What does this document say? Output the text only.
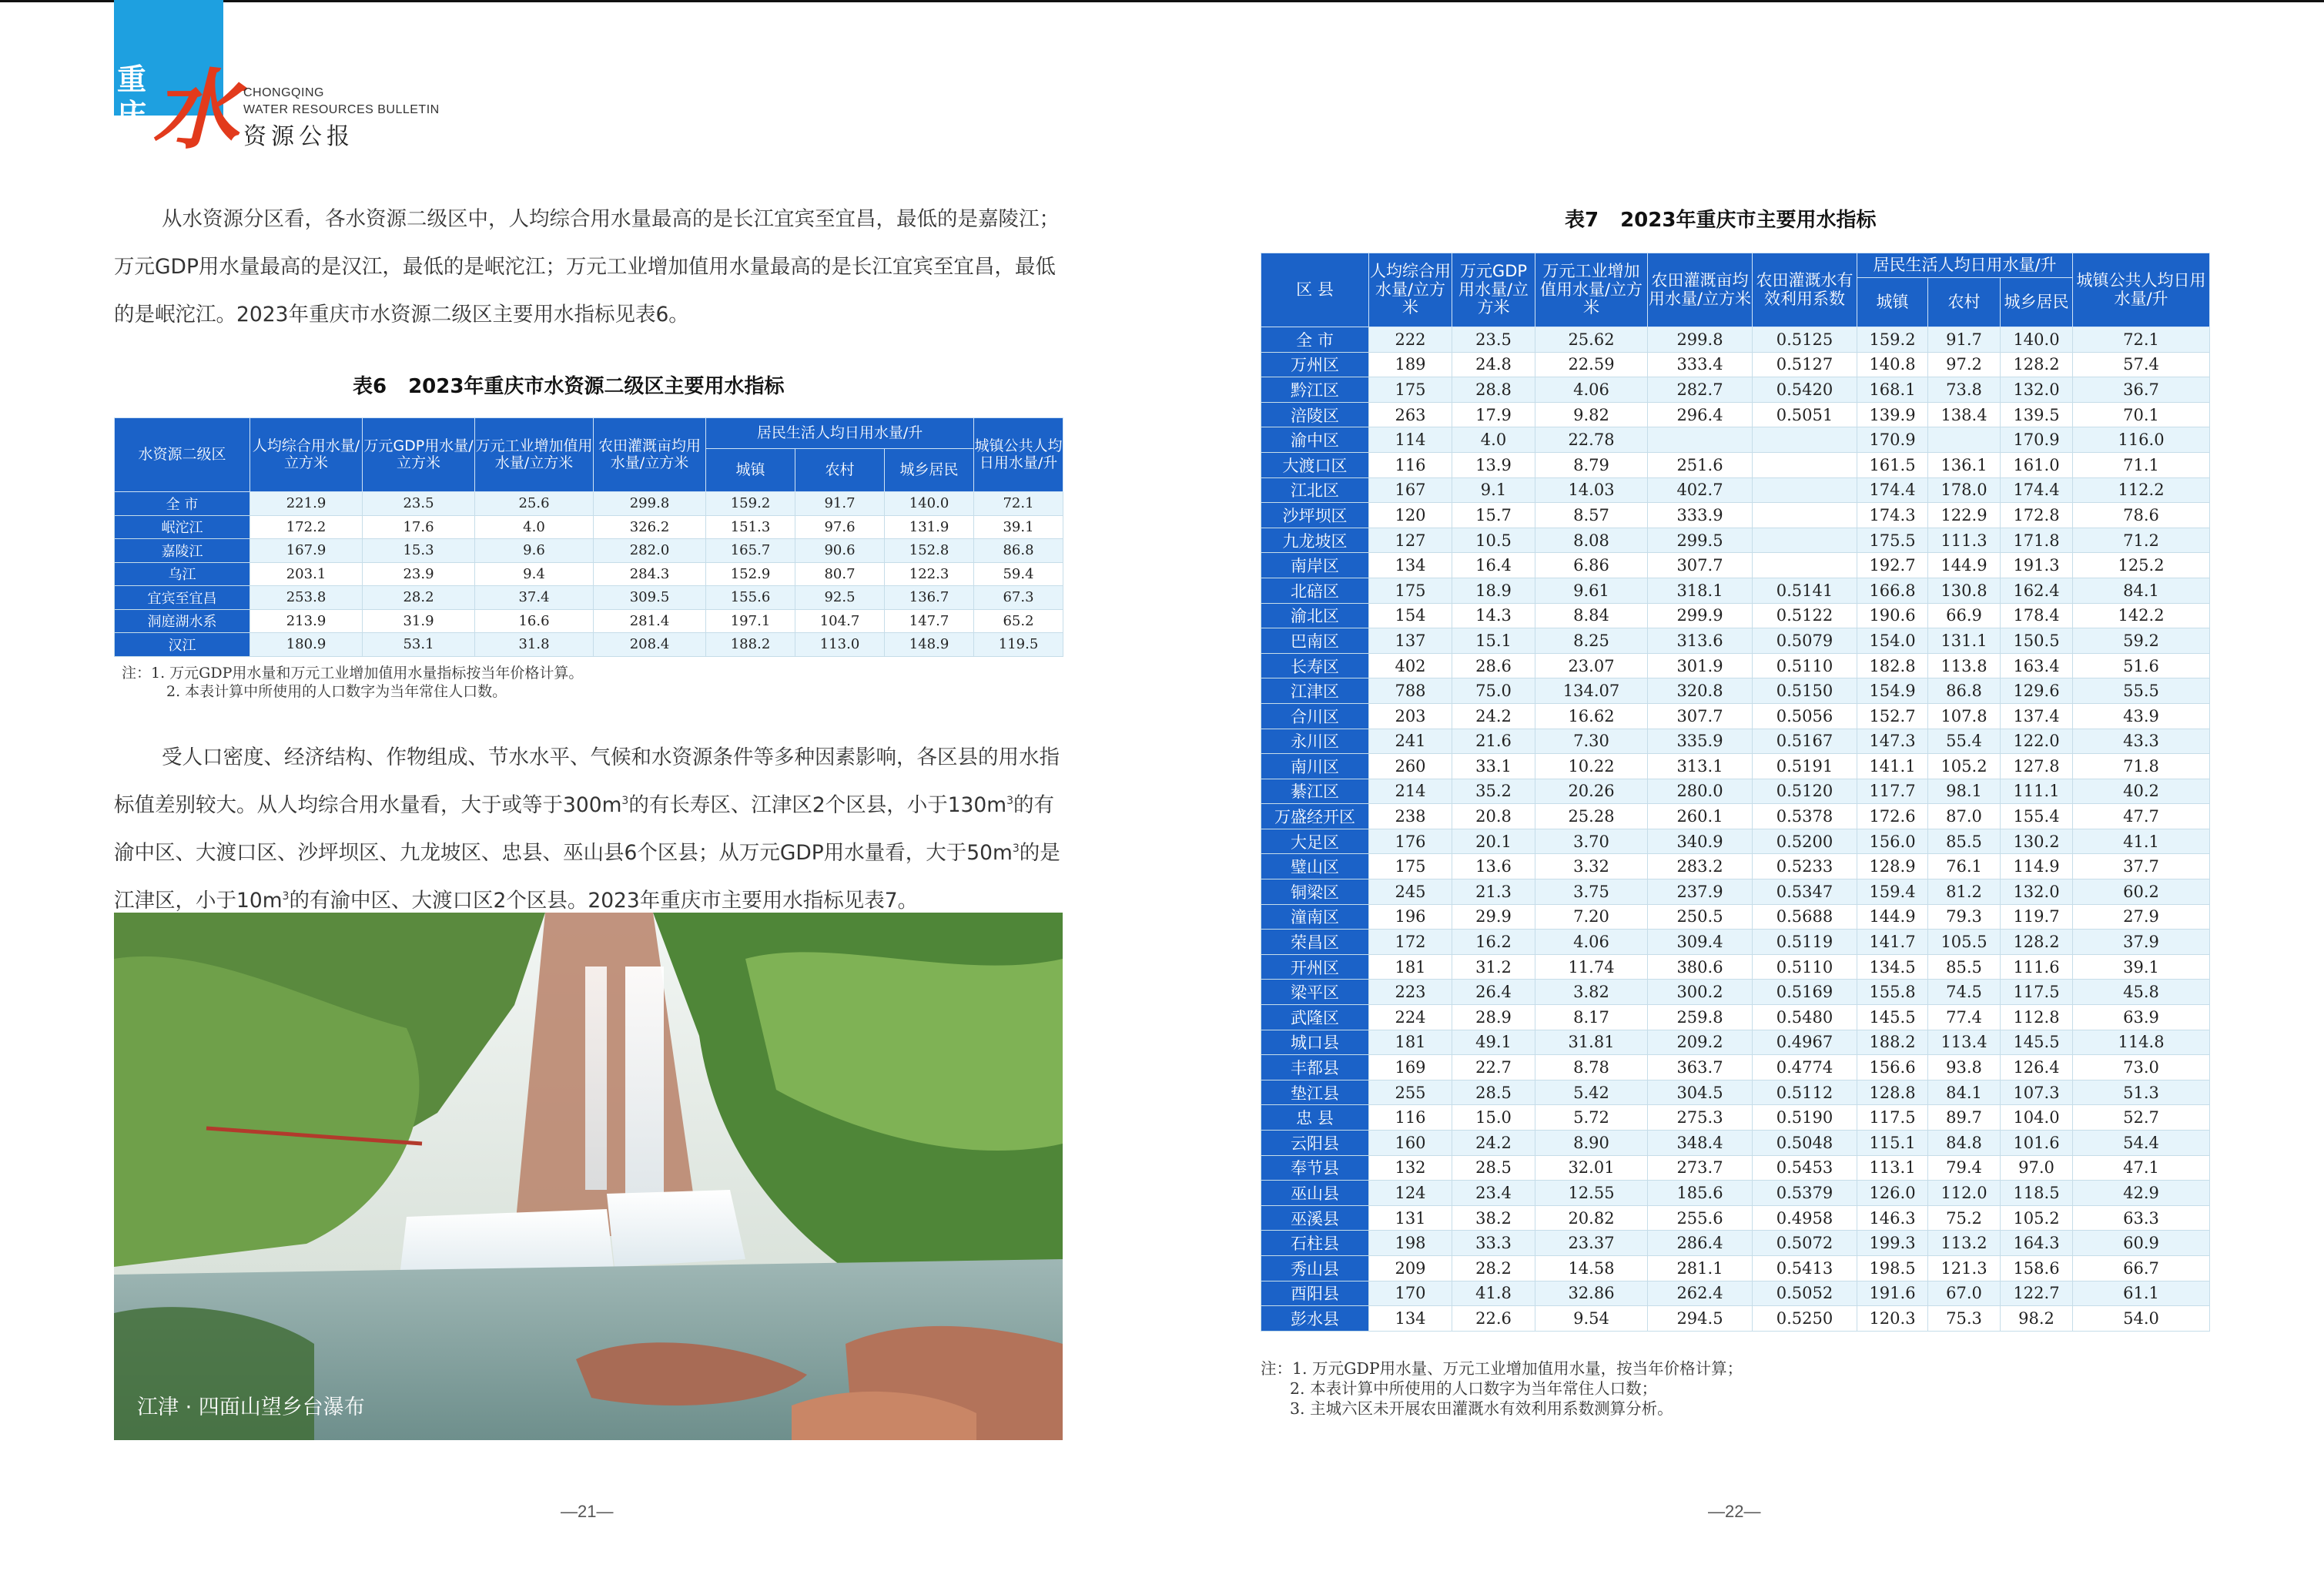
重庆市 水 CHONGQING
WATER RESOURCES BULLETIN
资源公报
从水资源分区看，各水资源二级区中，人均综合用水量最高的是长江宜宾至宜昌，最低的是嘉陵江；万元GDP用水量最高的是汉江，最低的是岷沱江；万元工业增加值用水量最高的是长江宜宾至宜昌，最低的是岷沱江。2023年重庆市水资源二级区主要用水指标见表6。
表6 2023年重庆市水资源二级区主要用水指标
水资源二级区	人均综合用水量/立方米	万元GDP用水量/立方米	万元工业增加值用水量/立方米	农田灌溉亩均用水量/立方米	居民生活人均日用水量/升			城镇公共人均日用水量/升
					城镇	农村	城乡居民	
全 市	221.9	23.5	25.6	299.8	159.2	91.7	140.0	72.1
岷沱江	172.2	17.6	4.0	326.2	151.3	97.6	131.9	39.1
嘉陵江	167.9	15.3	9.6	282.0	165.7	90.6	152.8	86.8
乌江	203.1	23.9	9.4	284.3	152.9	80.7	122.3	59.4
宜宾至宜昌	253.8	28.2	37.4	309.5	155.6	92.5	136.7	67.3
洞庭湖水系	213.9	31.9	16.6	281.4	197.1	104.7	147.7	65.2
汉江	180.9	53.1	31.8	208.4	188.2	113.0	148.9	119.5
注：1. 万元GDP用水量和万元工业增加值用水量指标按当年价格计算。
2. 本表计算中所使用的人口数字为当年常住人口数。
受人口密度、经济结构、作物组成、节水水平、气候和水资源条件等多种因素影响，各区县的用水指标值差别较大。从人均综合用水量看，大于或等于$300m^3$的有长寿区、江津区2个区县，小于$130m^3$的有渝中区、大渡口区、沙坪坝区、九龙坡区、忠县、巫山县6个区县；从万元GDP用水量看，大于$50m^3$的是江津区，小于$10m^3$的有渝中区、大渡口区2个区县。2023年重庆市主要用水指标见表7。
江津 · 四面山望乡台瀑布
—21—
表7 2023年重庆市主要用水指标
区 县	人均综合用水量/立方米	万元GDP用水量/立方米	万元工业增加值用水量/立方米	农田灌溉亩均用水量/立方米	农田灌溉水有效利用系数	居民生活人均日用水量/升			城镇公共人均日用水量/升
						城镇	农村	城乡居民	
全 市	222	23.5	25.62	299.8	0.5125	159.2	91.7	140.0	72.1
万州区	189	24.8	22.59	333.4	0.5127	140.8	97.2	128.2	57.4
黔江区	175	28.8	4.06	282.7	0.5420	168.1	73.8	132.0	36.7
涪陵区	263	17.9	9.82	296.4	0.5051	139.9	138.4	139.5	70.1
渝中区	114	4.0	22.78			170.9		170.9	116.0
大渡口区	116	13.9	8.79	251.6		161.5	136.1	161.0	71.1
江北区	167	9.1	14.03	402.7		174.4	178.0	174.4	112.2
沙坪坝区	120	15.7	8.57	333.9		174.3	122.9	172.8	78.6
九龙坡区	127	10.5	8.08	299.5		175.5	111.3	171.8	71.2
南岸区	134	16.4	6.86	307.7		192.7	144.9	191.3	125.2
北碚区	175	18.9	9.61	318.1	0.5141	166.8	130.8	162.4	84.1
渝北区	154	14.3	8.84	299.9	0.5122	190.6	66.9	178.4	142.2
巴南区	137	15.1	8.25	313.6	0.5079	154.0	131.1	150.5	59.2
长寿区	402	28.6	23.07	301.9	0.5110	182.8	113.8	163.4	51.6
江津区	788	75.0	134.07	320.8	0.5150	154.9	86.8	129.6	55.5
合川区	203	24.2	16.62	307.7	0.5056	152.7	107.8	137.4	43.9
永川区	241	21.6	7.30	335.9	0.5167	147.3	55.4	122.0	43.3
南川区	260	33.1	10.22	313.1	0.5191	141.1	105.2	127.8	71.8
綦江区	214	35.2	20.26	280.0	0.5120	117.7	98.1	111.1	40.2
万盛经开区	238	20.8	25.28	260.1	0.5378	172.6	87.0	155.4	47.7
大足区	176	20.1	3.70	340.9	0.5200	156.0	85.5	130.2	41.1
璧山区	175	13.6	3.32	283.2	0.5233	128.9	76.1	114.9	37.7
铜梁区	245	21.3	3.75	237.9	0.5347	159.4	81.2	132.0	60.2
潼南区	196	29.9	7.20	250.5	0.5688	144.9	79.3	119.7	27.9
荣昌区	172	16.2	4.06	309.4	0.5119	141.7	105.5	128.2	37.9
开州区	181	31.2	11.74	380.6	0.5110	134.5	85.5	111.6	39.1
梁平区	223	26.4	3.82	300.2	0.5169	155.8	74.5	117.5	45.8
武隆区	224	28.9	8.17	259.8	0.5480	145.5	77.4	112.8	63.9
城口县	181	49.1	31.81	209.2	0.4967	188.2	113.4	145.5	114.8
丰都县	169	22.7	8.78	363.7	0.4774	156.6	93.8	126.4	73.0
垫江县	255	28.5	5.42	304.5	0.5112	128.8	84.1	107.3	51.3
忠 县	116	15.0	5.72	275.3	0.5190	117.5	89.7	104.0	52.7
云阳县	160	24.2	8.90	348.4	0.5048	115.1	84.8	101.6	54.4
奉节县	132	28.5	32.01	273.7	0.5453	113.1	79.4	97.0	47.1
巫山县	124	23.4	12.55	185.6	0.5379	126.0	112.0	118.5	42.9
巫溪县	131	38.2	20.82	255.6	0.4958	146.3	75.2	105.2	63.3
石柱县	198	33.3	23.37	286.4	0.5072	199.3	113.2	164.3	60.9
秀山县	209	28.2	14.58	281.1	0.5413	198.5	121.3	158.6	66.7
酉阳县	170	41.8	32.86	262.4	0.5052	191.6	67.0	122.7	61.1
彭水县	134	22.6	9.54	294.5	0.5250	120.3	75.3	98.2	54.0
注：1. 万元GDP用水量、万元工业增加值用水量，按当年价格计算；
2. 本表计算中所使用的人口数字为当年常住人口数；
3. 主城六区未开展农田灌溉水有效利用系数测算分析。
—22—
